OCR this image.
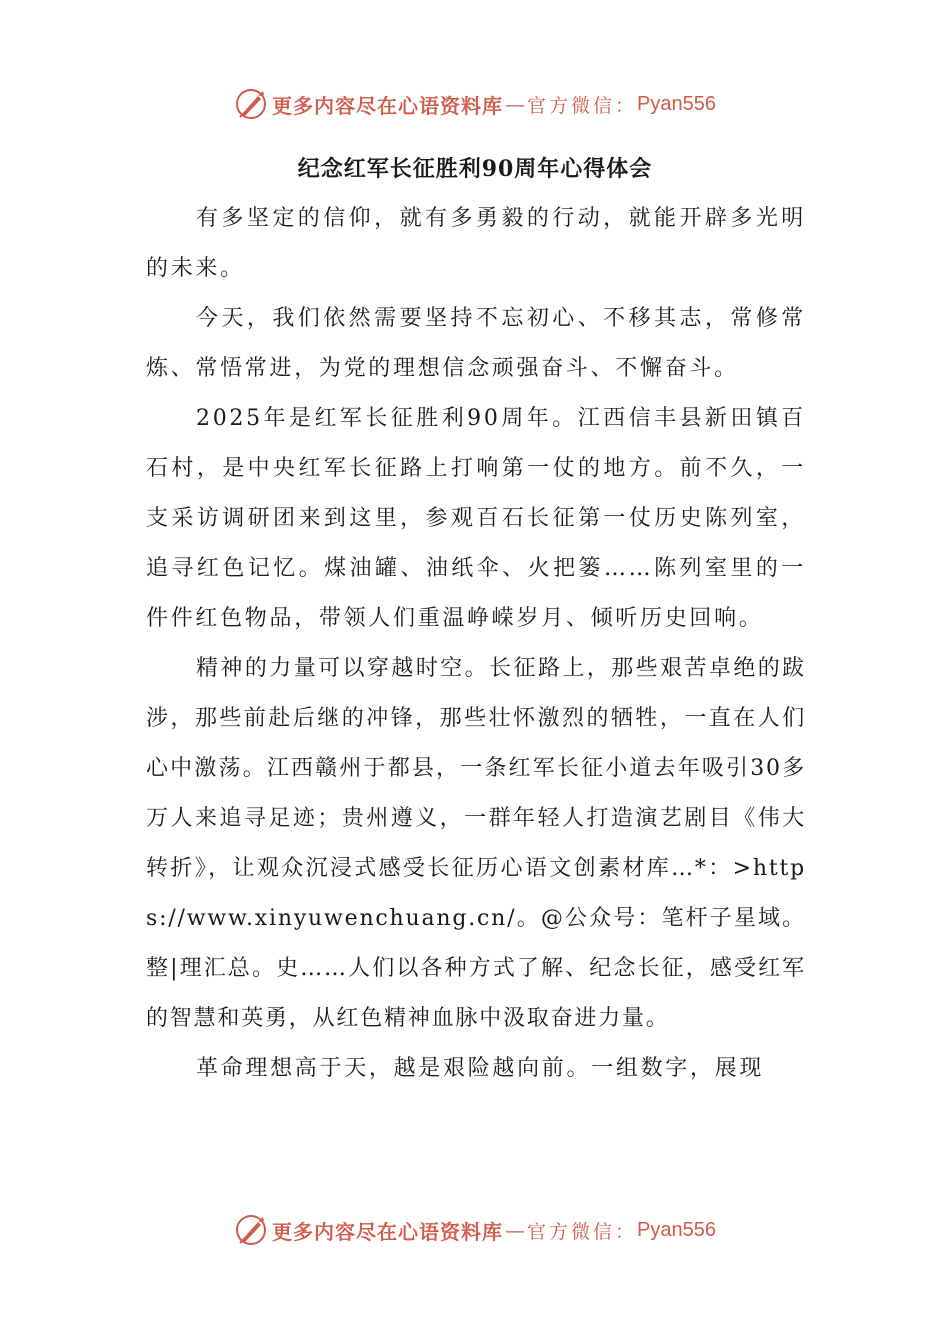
更多内容尽在心语资料库 — 官方微信： Pyan556
纪念红军长征胜利90周年心得体会

有多坚定的信仰，就有多勇毅的行动，就能开辟多光明的未来。

今天，我们依然需要坚持不忘初心、不移其志，常修常炼、常悟常进，为党的理想信念顽强奋斗、不懈奋斗。

2025年是红军长征胜利90周年。江西信丰县新田镇百石村，是中央红军长征路上打响第一仗的地方。前不久，一支采访调研团来到这里，参观百石长征第一仗历史陈列室，追寻红色记忆。煤油罐、油纸伞、火把篓……陈列室里的一件件红色物品，带领人们重温峥嵘岁月、倾听历史回响。

精神的力量可以穿越时空。长征路上，那些艰苦卓绝的跋涉，那些前赴后继的冲锋，那些壮怀激烈的牺牲，一直在人们心中激荡。江西赣州于都县，一条红军长征小道去年吸引30多万人来追寻足迹；贵州遵义，一群年轻人打造演艺剧目《伟大转折》，让观众沉浸式感受长征历心语文创素材库…*：>https://www.xinyuwenchuang.cn/。@公众号：笔杆子星域。整|理汇总。史……人们以各种方式了解、纪念长征，感受红军的智慧和英勇，从红色精神血脉中汲取奋进力量。

革命理想高于天，越是艰险越向前。一组数字，展现

更多内容尽在心语资料库 — 官方微信： Pyan556
